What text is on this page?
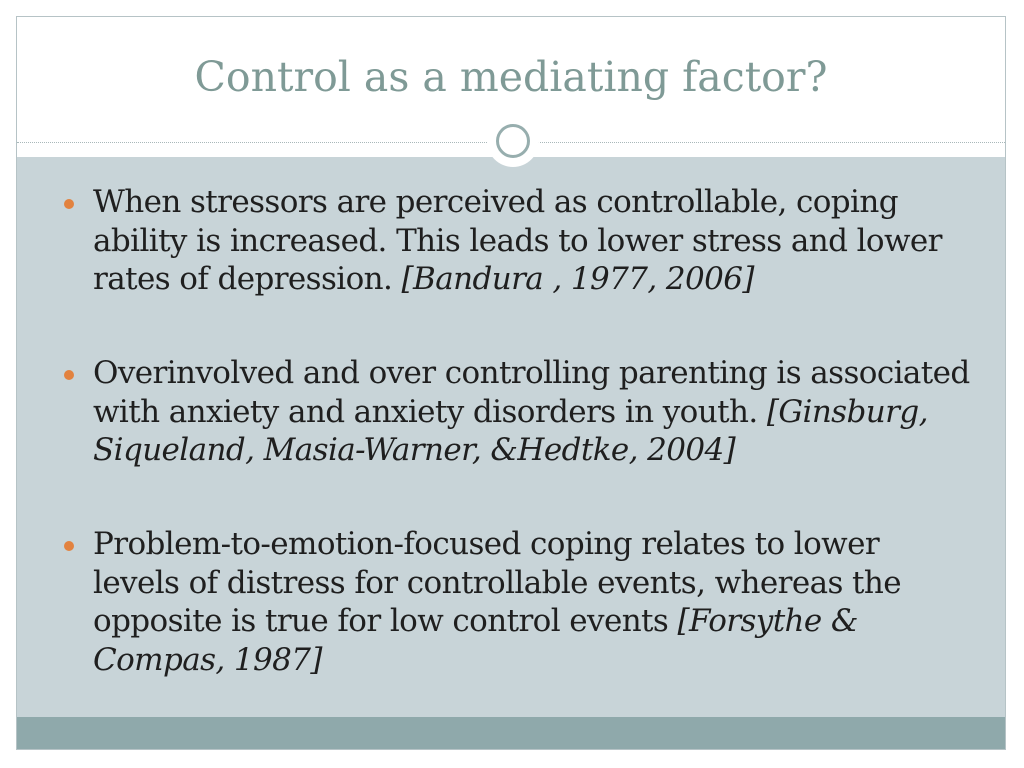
Control as a mediating factor?
When stressors are perceived as controllable, coping ability is increased. This leads to lower stress and lower rates of depression. [Bandura , 1977, 2006]
Overinvolved and over controlling parenting is associated with anxiety and anxiety disorders in youth. [Ginsburg, Siqueland, Masia-Warner, &Hedtke, 2004]
Problem-to-emotion-focused coping relates to lower levels of distress for controllable events, whereas the opposite is true for low control events [Forsythe & Compas, 1987]
